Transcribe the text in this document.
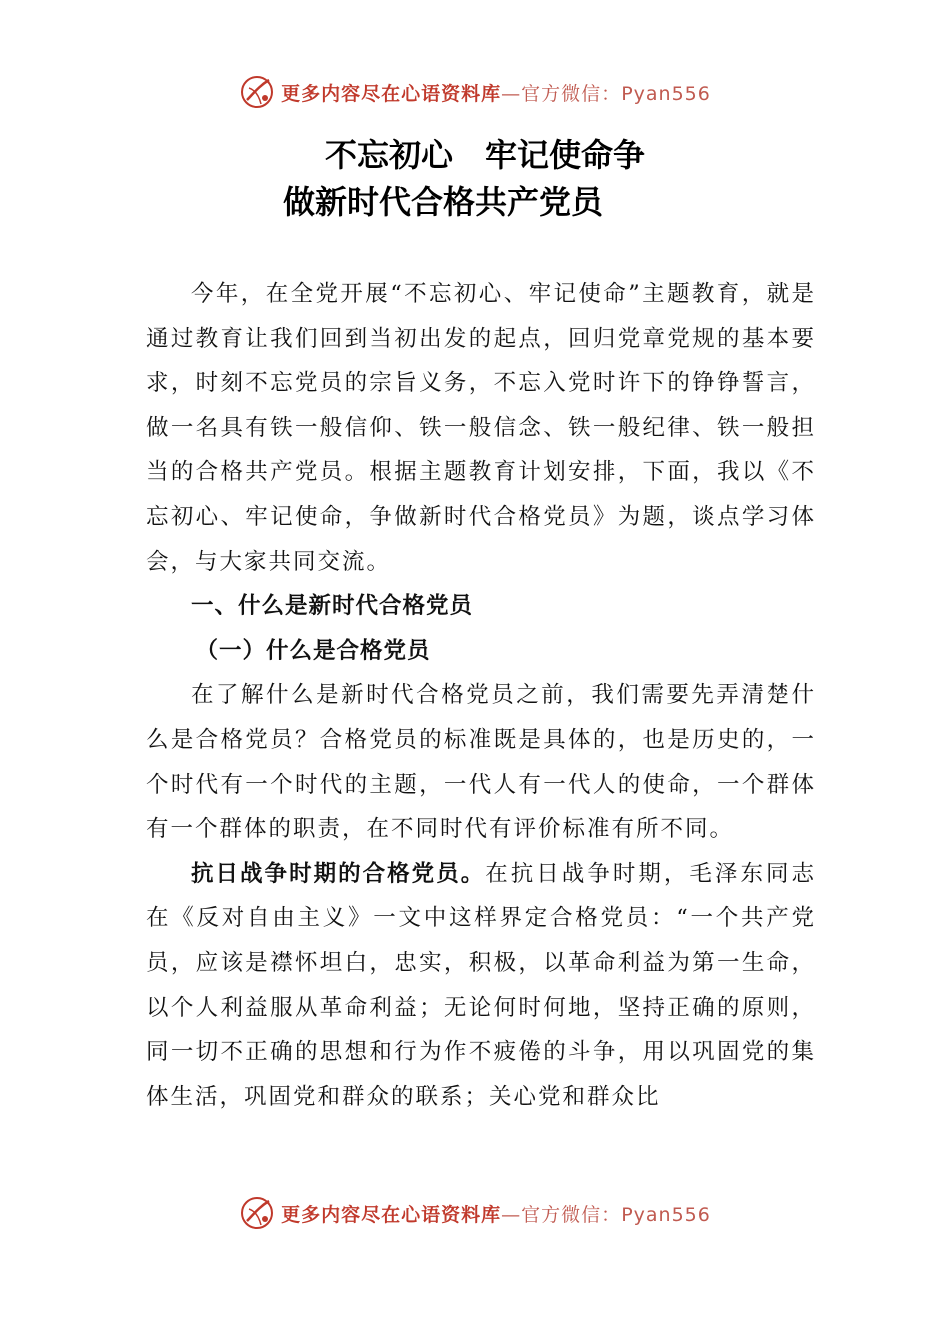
更多内容尽在心语资料库—官方微信：Pyan556
不忘初心　牢记使命争
做新时代合格共产党员

今年，在全党开展“不忘初心、牢记使命”主题教育，就是通过教育让我们回到当初出发的起点，回归党章党规的基本要求，时刻不忘党员的宗旨义务，不忘入党时许下的铮铮誓言，做一名具有铁一般信仰、铁一般信念、铁一般纪律、铁一般担当的合格共产党员。根据主题教育计划安排，下面，我以《不忘初心、牢记使命，争做新时代合格党员》为题，谈点学习体会，与大家共同交流。

一、什么是新时代合格党员

（一）什么是合格党员

在了解什么是新时代合格党员之前，我们需要先弄清楚什么是合格党员？合格党员的标准既是具体的，也是历史的，一个时代有一个时代的主题，一代人有一代人的使命，一个群体有一个群体的职责，在不同时代有评价标准有所不同。

抗日战争时期的合格党员。在抗日战争时期，毛泽东同志在《反对自由主义》一文中这样界定合格党员：“一个共产党员，应该是襟怀坦白，忠实，积极，以革命利益为第一生命，以个人利益服从革命利益；无论何时何地，坚持正确的原则，同一切不正确的思想和行为作不疲倦的斗争，用以巩固党的集体生活，巩固党和群众的联系；关心党和群众比

更多内容尽在心语资料库—官方微信：Pyan556
